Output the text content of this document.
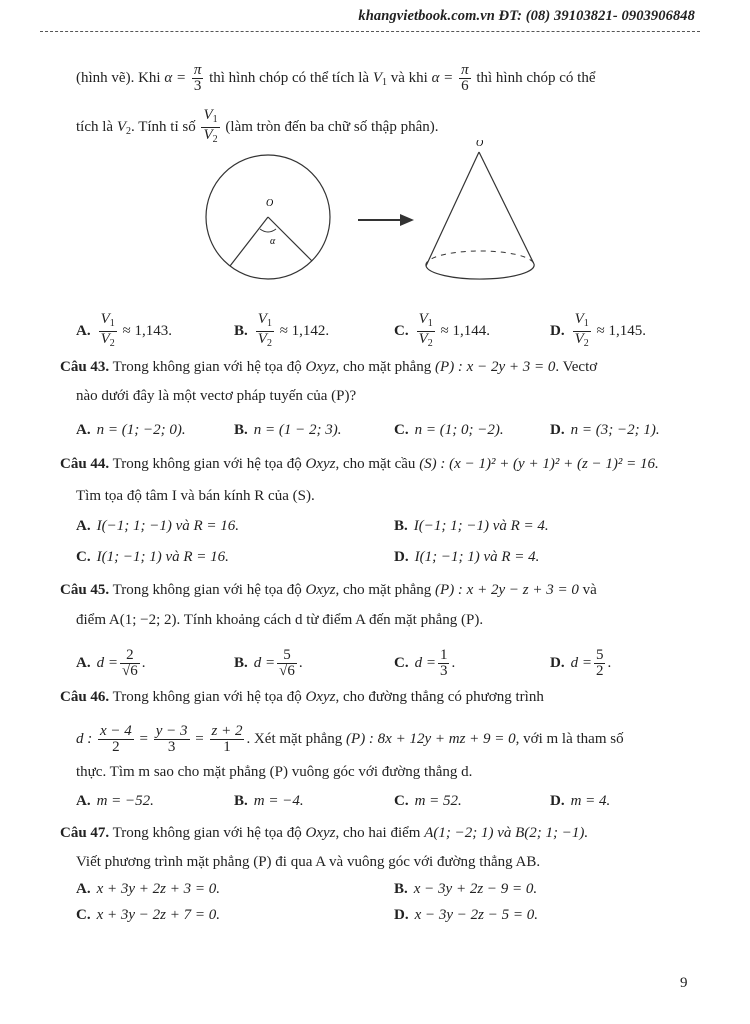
khangvietbook.com.vn ĐT: (08) 39103821- 0903906848
(hình vẽ). Khi $\alpha = \frac{\pi}{3}$ thì hình chóp có thể tích là $V_1$ và khi $\alpha = \frac{\pi}{6}$ thì hình chóp có thể
tích là $V_2$. Tính tỉ số $\frac{V_1}{V_2}$ (làm tròn đến ba chữ số thập phân).
O
α
O
A. $\frac{V_1}{V_2} \approx 1,143$.	B. $\frac{V_1}{V_2} \approx 1,142$.	C. $\frac{V_1}{V_2} \approx 1,144$.	D. $\frac{V_1}{V_2} \approx 1,145$.
Câu 43. Trong không gian với hệ tọa độ Oxyz, cho mặt phẳng (P) : x − 2y + 3 = 0. Vectơ
nào dưới đây là một vectơ pháp tuyến của (P)?
A. n = (1; −2; 0).	B. n = (1 − 2; 3).	C. n = (1; 0; −2).	D. n = (3; −2; 1).
Câu 44. Trong không gian với hệ tọa độ Oxyz, cho mặt cầu (S) : (x − 1)² + (y + 1)² + (z − 1)² = 16.
Tìm tọa độ tâm I và bán kính R của (S).
A. I(−1; 1; −1) và R = 16.	B. I(−1; 1; −1) và R = 4.
C. I(1; −1; 1) và R = 16.	D. I(1; −1; 1) và R = 4.
Câu 45. Trong không gian với hệ tọa độ Oxyz, cho mặt phẳng (P) : x + 2y − z + 3 = 0 và
điểm A(1; −2; 2). Tính khoảng cách d từ điểm A đến mặt phẳng (P).
A. $d = \frac{2}{√6}$ .	B. $d = \frac{5}{√6}$ .	C. $d = \frac{1}{3}$ .	D. $d = \frac{5}{2}$ .
Câu 46. Trong không gian với hệ tọa độ Oxyz, cho đường thẳng có phương trình
d : $\frac{x - 4}{2} = \frac{y - 3}{3} = \frac{z + 2}{1}$ . Xét mặt phẳng (P) : 8x + 12y + mz + 9 = 0, với m là tham số
thực. Tìm m sao cho mặt phẳng (P) vuông góc với đường thẳng d.
A. m = −52.	B. m = −4.	C. m = 52.	D. m = 4.
Câu 47. Trong không gian với hệ tọa độ Oxyz, cho hai điểm A(1; −2; 1) và B(2; 1; −1).
Viết phương trình mặt phẳng (P) đi qua A và vuông góc với đường thẳng AB.
A. x + 3y + 2z + 3 = 0.	B. x − 3y + 2z − 9 = 0.
C. x + 3y − 2z + 7 = 0.	D. x − 3y − 2z − 5 = 0.
9
